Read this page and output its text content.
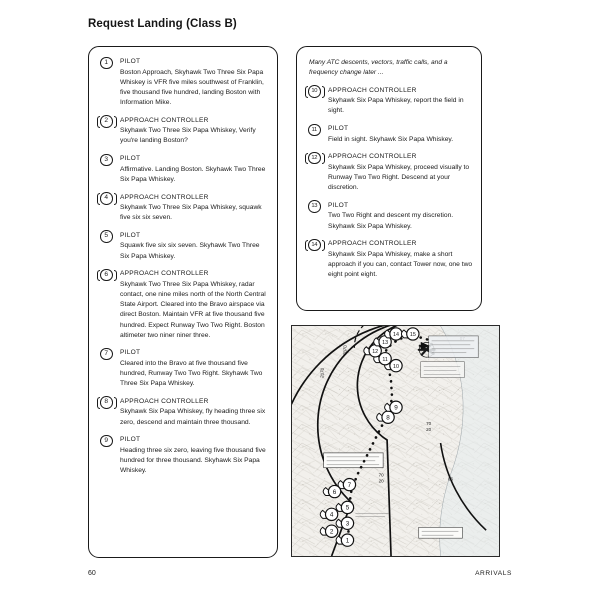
Request Landing (Class B)
1	PILOT
Boston Approach, Skyhawk Two Three Six Papa Whiskey is VFR five miles southwest of Franklin, five thousand five hundred, landing Boston with Information Mike.
2	APPROACH CONTROLLER
Skyhawk Two Three Six Papa Whiskey, Verify you're landing Boston?
3	PILOT
Affirmative. Landing Boston. Skyhawk Two Three Six Papa Whiskey.
4	APPROACH CONTROLLER
Skyhawk Two Three Six Papa Whiskey, squawk five six six seven.
5	PILOT
Squawk five six six seven. Skyhawk Two Three Six Papa Whiskey.
6	APPROACH CONTROLLER
Skyhawk Two Three Six Papa Whiskey, radar contact, one nine miles north of the North Central State Airport. Cleared into the Bravo airspace via direct Boston. Maintain VFR at five thousand five hundred. Expect Runway Two Two Right. Boston altimeter two niner niner three.
7	PILOT
Cleared into the Bravo at five thousand five hundred, Runway Two Two Right. Skyhawk Two Three Six Papa Whiskey.
8	APPROACH CONTROLLER
Skyhawk Six Papa Whiskey, fly heading three six zero, descend and maintain three thousand.
9	PILOT
Heading three six zero, leaving five thousand five hundred for three thousand. Skyhawk Six Papa Whiskey.
Many ATC descents, vectors, traffic calls, and a frequency change later ...
10	APPROACH CONTROLLER
Skyhawk Six Papa Whiskey, report the field in sight.
11	PILOT
Field in sight. Skyhawk Six Papa Whiskey.
12	APPROACH CONTROLLER
Skyhawk Six Papa Whiskey, proceed visually to Runway Two Two Right. Descend at your discretion.
13	PILOT
Two Two Right and descent my discretion. Skyhawk Six Papa Whiskey.
14	APPROACH CONTROLLER
Skyhawk Six Papa Whiskey, make a short approach if you can, contact Tower now, one two eight point eight.
70
20
70
20
70
20
70
20	06
1
2
3
4
5
6
7
8
9
10
11
12
13
14 15
60	ARRIVALS
